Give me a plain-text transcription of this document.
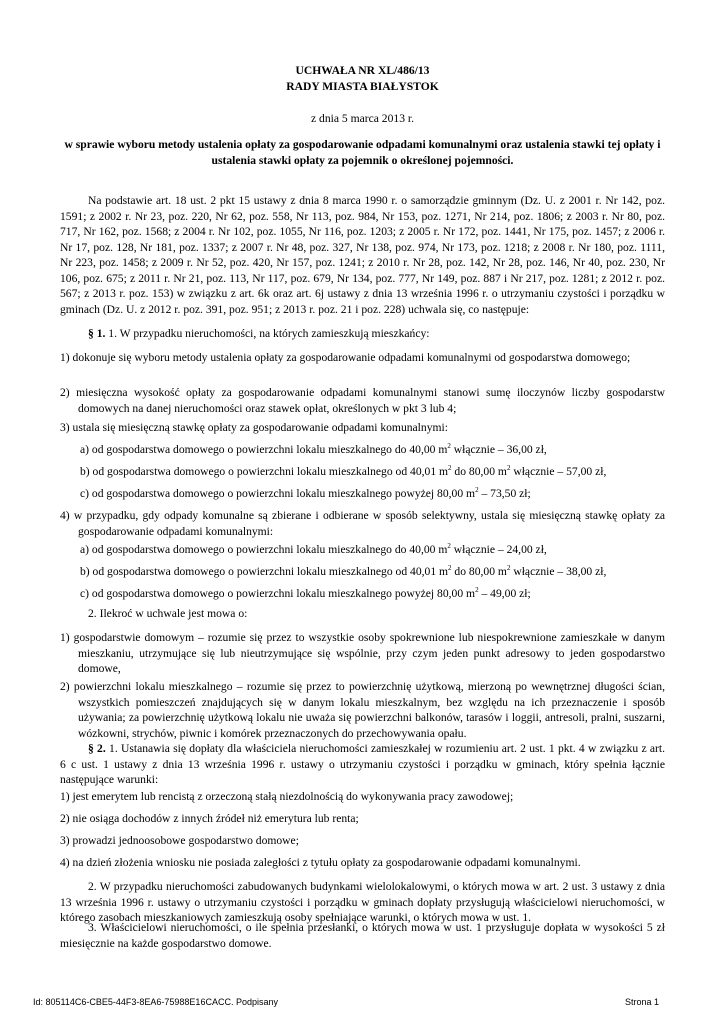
UCHWAŁA NR XL/486/13
RADY MIASTA BIAŁYSTOK
z dnia 5 marca 2013 r.
w sprawie wyboru metody ustalenia opłaty za gospodarowanie odpadami komunalnymi oraz ustalenia stawki tej opłaty i ustalenia stawki opłaty za pojemnik o określonej pojemności.
Na podstawie art. 18 ust. 2 pkt 15 ustawy z dnia 8 marca 1990 r. o samorządzie gminnym (Dz. U. z 2001 r. Nr 142, poz. 1591; z 2002 r. Nr 23, poz. 220, Nr 62, poz. 558, Nr 113, poz. 984, Nr 153, poz. 1271, Nr 214, poz. 1806; z 2003 r. Nr 80, poz. 717, Nr 162, poz. 1568; z 2004 r. Nr 102, poz. 1055, Nr 116, poz. 1203; z 2005 r. Nr 172, poz. 1441, Nr 175, poz. 1457; z 2006 r. Nr 17, poz. 128, Nr 181, poz. 1337; z 2007 r. Nr 48, poz. 327, Nr 138, poz. 974, Nr 173, poz. 1218; z 2008 r. Nr 180, poz. 1111, Nr 223, poz. 1458; z 2009 r. Nr 52, poz. 420, Nr 157, poz. 1241; z 2010 r. Nr 28, poz. 142, Nr 28, poz. 146, Nr 40, poz. 230, Nr 106, poz. 675; z 2011 r. Nr 21, poz. 113, Nr 117, poz. 679, Nr 134, poz. 777, Nr 149, poz. 887 i Nr 217, poz. 1281; z 2012 r. poz. 567; z 2013 r. poz. 153) w związku z art. 6k oraz art. 6j ustawy z dnia 13 września 1996 r. o utrzymaniu czystości i porządku w gminach (Dz. U. z 2012 r. poz. 391, poz. 951; z 2013 r. poz. 21 i poz. 228) uchwala się, co następuje:
§ 1. 1. W przypadku nieruchomości, na których zamieszkują mieszkańcy:
1) dokonuje się wyboru metody ustalenia opłaty za gospodarowanie odpadami komunalnymi od gospodarstwa domowego;
2) miesięczna wysokość opłaty za gospodarowanie odpadami komunalnymi stanowi sumę iloczynów liczby gospodarstw domowych na danej nieruchomości oraz stawek opłat, określonych w pkt 3 lub 4;
3) ustala się miesięczną stawkę opłaty za gospodarowanie odpadami komunalnymi:
a) od gospodarstwa domowego o powierzchni lokalu mieszkalnego do 40,00 $m^2$ włącznie – 36,00 zł,
b) od gospodarstwa domowego o powierzchni lokalu mieszkalnego od 40,01 $m^2$ do 80,00 $m^2$ włącznie – 57,00 zł,
c) od gospodarstwa domowego o powierzchni lokalu mieszkalnego powyżej 80,00 $m^2 - 73,50$ zł;
4) w przypadku, gdy odpady komunalne są zbierane i odbierane w sposób selektywny, ustala się miesięczną stawkę opłaty za gospodarowanie odpadami komunalnymi:
a) od gospodarstwa domowego o powierzchni lokalu mieszkalnego do 40,00 $m^2$ włącznie – 24,00 zł,
b) od gospodarstwa domowego o powierzchni lokalu mieszkalnego od 40,01 $m^2$ do 80,00 $m^2$ włącznie – 38,00 zł,
c) od gospodarstwa domowego o powierzchni lokalu mieszkalnego powyżej 80,00 $m^2 - 49,00$ zł;
2. Ilekroć w uchwale jest mowa o:
1) gospodarstwie domowym – rozumie się przez to wszystkie osoby spokrewnione lub niespokrewnione zamieszkałe w danym mieszkaniu, utrzymujące się lub nieutrzymujące się wspólnie, przy czym jeden punkt adresowy to jeden gospodarstwo domowe,
2) powierzchni lokalu mieszkalnego – rozumie się przez to powierzchnię użytkową, mierzoną po wewnętrznej długości ścian, wszystkich pomieszczeń znajdujących się w danym lokalu mieszkalnym, bez względu na ich przeznaczenie i sposób używania; za powierzchnię użytkową lokalu nie uważa się powierzchni balkonów, tarasów i loggii, antresoli, pralni, suszarni, wózkowni, strychów, piwnic i komórek przeznaczonych do przechowywania opału.
§ 2. 1. Ustanawia się dopłaty dla właściciela nieruchomości zamieszkałej w rozumieniu art. 2 ust. 1 pkt. 4 w związku z art. 6 c ust. 1 ustawy z dnia 13 września 1996 r. ustawy o utrzymaniu czystości i porządku w gminach, który spełnia łącznie następujące warunki:
1) jest emerytem lub rencistą z orzeczoną stałą niezdolnością do wykonywania pracy zawodowej;
2) nie osiąga dochodów z innych źródeł niż emerytura lub renta;
3) prowadzi jednoosobowe gospodarstwo domowe;
4) na dzień złożenia wniosku nie posiada zaległości z tytułu opłaty za gospodarowanie odpadami komunalnymi.
2. W przypadku nieruchomości zabudowanych budynkami wielolokalowymi, o których mowa w art. 2 ust. 3 ustawy z dnia 13 września 1996 r. ustawy o utrzymaniu czystości i porządku w gminach dopłaty przysługują właścicielowi nieruchomości, w którego zasobach mieszkaniowych zamieszkują osoby spełniające warunki, o których mowa w ust. 1.
3. Właścicielowi nieruchomości, o ile spełnia przesłanki, o których mowa w ust. 1 przysługuje dopłata w wysokości 5 zł miesięcznie na każde gospodarstwo domowe.
Id: 805114C6-CBE5-44F3-8EA6-75988E16CACC. Podpisany	Strona 1
